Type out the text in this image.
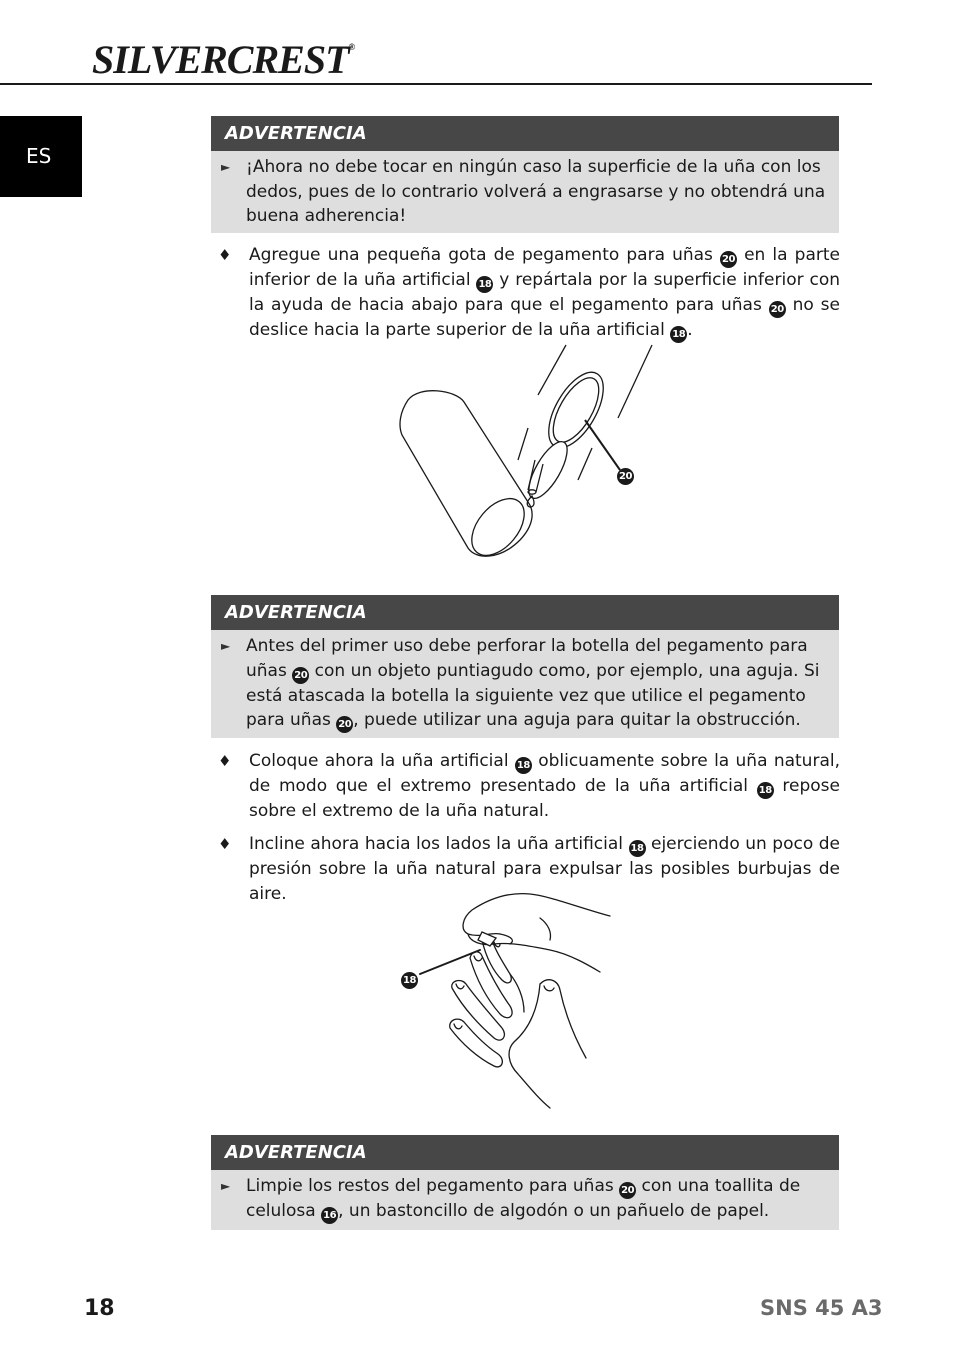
SILVERCREST®
ES
ADVERTENCIA
► ¡Ahora no debe tocar en ningún caso la superficie de la uña con los dedos, pues de lo contrario volverá a engrasarse y no obtendrá una buena adherencia!
♦ Agregue una pequeña gota de pegamento para uñas 20 en la parte inferior de la uña artificial 18 y repártala por la superficie inferior con la ayuda de hacia abajo para que el pegamento para uñas 20 no se deslice hacia la parte superior de la uña artificial 18 .
20
ADVERTENCIA
► Antes del primer uso debe perforar la botella del pegamento para uñas 20 con un objeto puntiagudo como, por ejemplo, una aguja. Si está atascada la botella la siguiente vez que utilice el pegamento para uñas 20 , puede utilizar una aguja para quitar la obstrucción.
♦ Coloque ahora la uña artificial 18 oblicuamente sobre la uña natural, de modo que el extremo presentado de la uña artificial 18 repose sobre el extremo de la uña natural.
♦ Incline ahora hacia los lados la uña artificial 18 ejerciendo un poco de presión sobre la uña natural para expulsar las posibles burbujas de aire.
18
ADVERTENCIA
► Limpie los restos del pegamento para uñas 20 con una toallita de celulosa 16 , un bastoncillo de algodón o un pañuelo de papel.
18	SNS 45 A3
